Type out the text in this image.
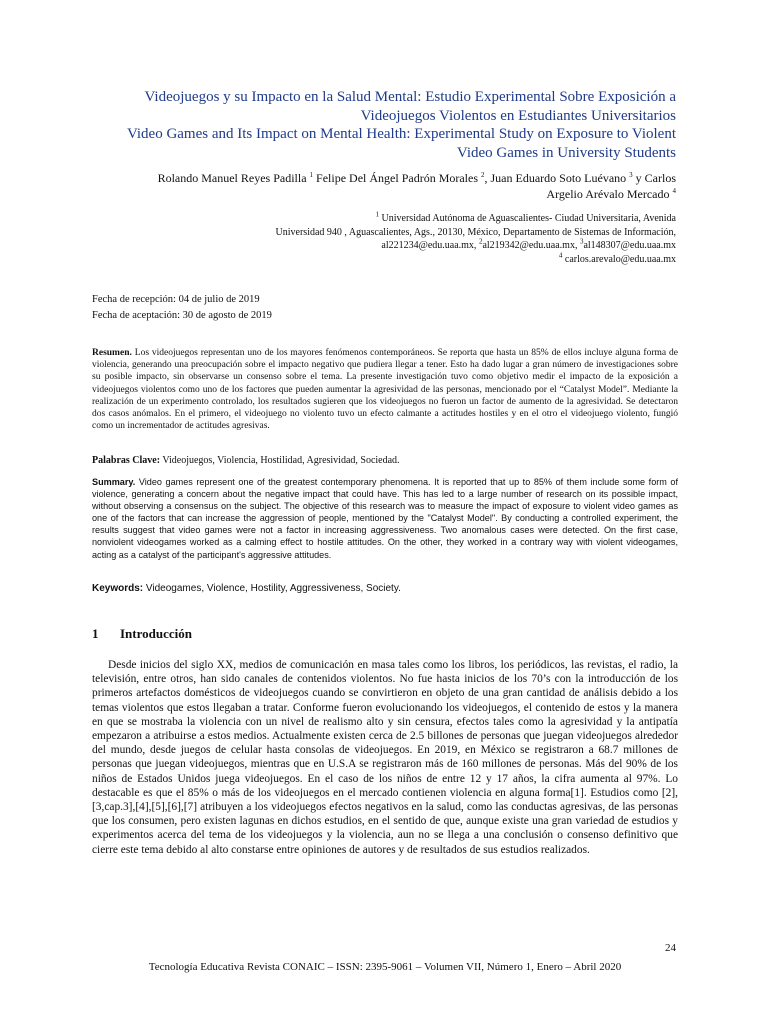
Videojuegos y su Impacto en la Salud Mental: Estudio Experimental Sobre Exposición a
Videojuegos Violentos en Estudiantes Universitarios
Video Games and Its Impact on Mental Health: Experimental Study on Exposure to Violent
Video Games in University Students
Rolando Manuel Reyes Padilla $^1$ Felipe Del Ángel Padrón Morales $^2$, Juan Eduardo Soto Luévano $^3$ y Carlos
Argelio Arévalo Mercado $^4$
$^1$ Universidad Autónoma de Aguascalientes- Ciudad Universitaria, Avenida
Universidad 940 , Aguascalientes, Ags., 20130, México, Departamento de Sistemas de Información,
al221234@edu.uaa.mx, $^2$al219342@edu.uaa.mx, $^3$al148307@edu.uaa.mx
$^4$ carlos.arevalo@edu.uaa.mx
Fecha de recepción: 04 de julio de 2019
Fecha de aceptación: 30 de agosto de 2019
Resumen. Los videojuegos representan uno de los mayores fenómenos contemporáneos. Se reporta que hasta un 85% de ellos incluye alguna forma de violencia, generando una preocupación sobre el impacto negativo que pudiera llegar a tener. Esto ha dado lugar a gran número de investigaciones sobre su posible impacto, sin observarse un consenso sobre el tema. La presente investigación tuvo como objetivo medir el impacto de la exposición a videojuegos violentos como uno de los factores que pueden aumentar la agresividad de las personas, mencionado por el “Catalyst Model”. Mediante la realización de un experimento controlado, los resultados sugieren que los videojuegos no fueron un factor de aumento de la agresividad. Se detectaron dos casos anómalos. En el primero, el videojuego no violento tuvo un efecto calmante a actitudes hostiles y en el otro el videojuego violento, fungió como un incrementador de actitudes agresivas.
Palabras Clave: Videojuegos, Violencia, Hostilidad, Agresividad, Sociedad.
Summary. Video games represent one of the greatest contemporary phenomena. It is reported that up to 85% of them include some form of violence, generating a concern about the negative impact that could have. This has led to a large number of research on its possible impact, without observing a consensus on the subject. The objective of this research was to measure the impact of exposure to violent video games as one of the factors that can increase the aggression of people, mentioned by the "Catalyst Model". By conducting a controlled experiment, the results suggest that video games were not a factor in increasing aggressiveness. Two anomalous cases were detected. On the first case, nonviolent videogames worked as a calming effect to hostile attitudes. On the other, they worked in a contrary way with violent videogames, acting as a catalyst of the participant's aggressive attitudes.
Keywords: Videogames, Violence, Hostility, Aggressiveness, Society.
1 Introducción
Desde inicios del siglo XX, medios de comunicación en masa tales como los libros, los periódicos, las revistas, el radio, la televisión, entre otros, han sido canales de contenidos violentos. No fue hasta inicios de los 70’s con la introducción de los primeros artefactos domésticos de videojuegos cuando se convirtieron en objeto de una gran cantidad de análisis debido a los temas violentos que estos llegaban a tratar. Conforme fueron evolucionando los videojuegos, el contenido de estos y la manera en que se mostraba la violencia con un nivel de realismo alto y sin censura, efectos tales como la agresividad y la antipatía empezaron a atribuirse a estos medios. Actualmente existen cerca de 2.5 billones de personas que juegan videojuegos alrededor del mundo, desde juegos de celular hasta consolas de videojuegos. En 2019, en México se registraron a 68.7 millones de personas que juegan videojuegos, mientras que en U.S.A se registraron más de 160 millones de personas. Más del 90% de los niños de Estados Unidos juega videojuegos. En el caso de los niños de entre 12 y 17 años, la cifra aumenta al 97%. Lo destacable es que el 85% o más de los videojuegos en el mercado contienen violencia en alguna forma[1]. Estudios como [2],[3,cap.3],[4],[5],[6],[7] atribuyen a los videojuegos efectos negativos en la salud, como las conductas agresivas, de las personas que los consumen, pero existen lagunas en dichos estudios, en el sentido de que, aunque existe una gran variedad de estudios y experimentos acerca del tema de los videojuegos y la violencia, aun no se llega a una conclusión o consenso definitivo que cierre este tema debido al alto constarse entre opiniones de autores y de resultados de sus estudios realizados.
24
Tecnología Educativa Revista CONAIC – ISSN: 2395-9061 – Volumen VII, Número 1, Enero – Abril 2020
